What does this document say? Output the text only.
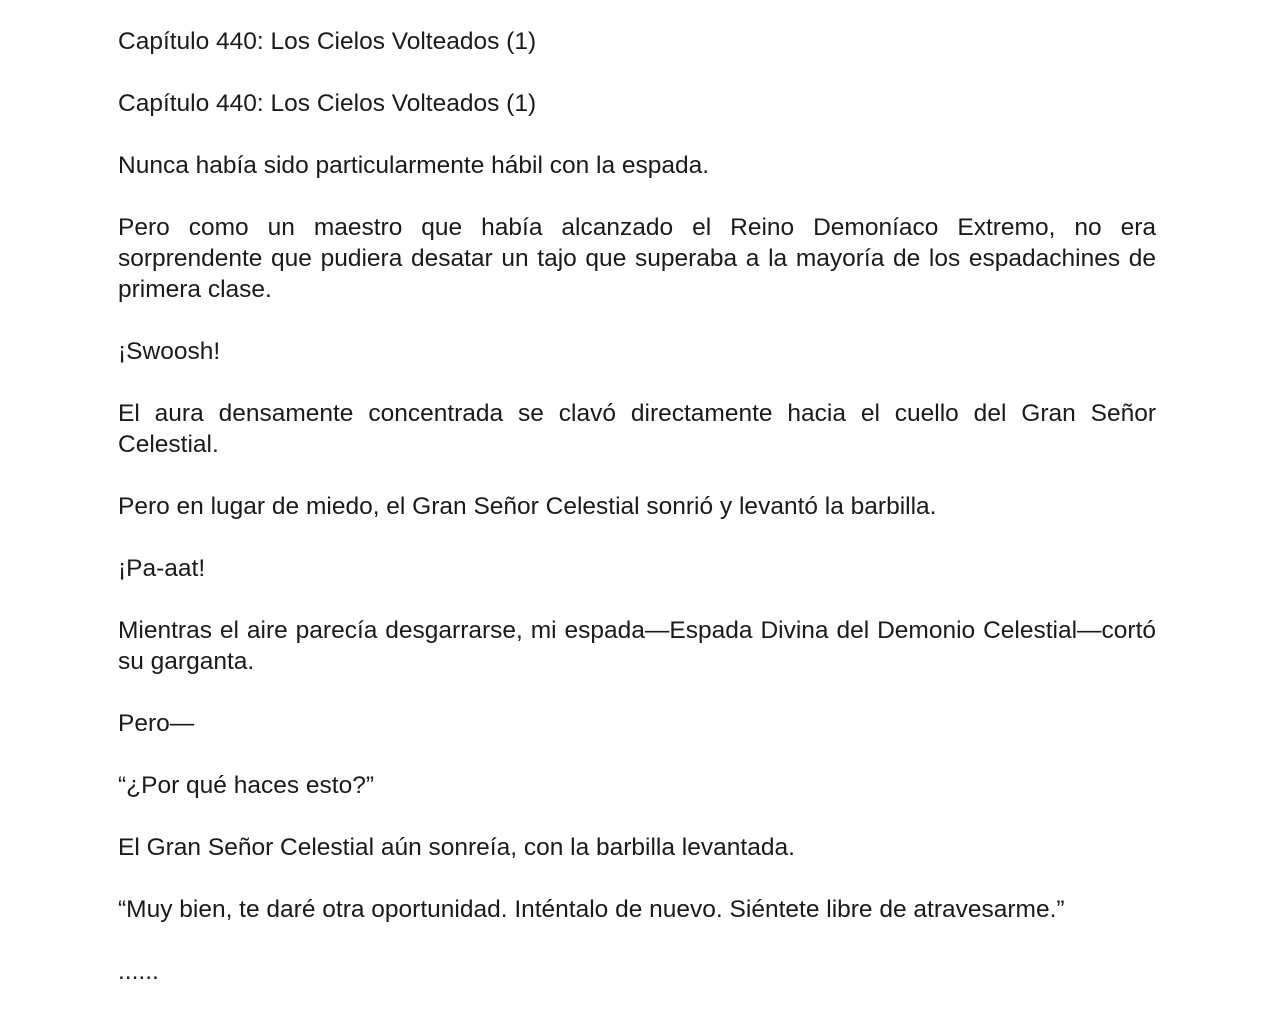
Capítulo 440: Los Cielos Volteados (1)

Capítulo 440: Los Cielos Volteados (1)

Nunca había sido particularmente hábil con la espada.

Pero como un maestro que había alcanzado el Reino Demoníaco Extremo, no era sorprendente que pudiera desatar un tajo que superaba a la mayoría de los espadachines de primera clase.

¡Swoosh!

El aura densamente concentrada se clavó directamente hacia el cuello del Gran Señor Celestial.

Pero en lugar de miedo, el Gran Señor Celestial sonrió y levantó la barbilla.

¡Pa-aat!

Mientras el aire parecía desgarrarse, mi espada—Espada Divina del Demonio Celestial—cortó su garganta.

Pero—

“¿Por qué haces esto?”

El Gran Señor Celestial aún sonreía, con la barbilla levantada.

“Muy bien, te daré otra oportunidad. Inténtalo de nuevo. Siéntete libre de atravesarme.”

......
